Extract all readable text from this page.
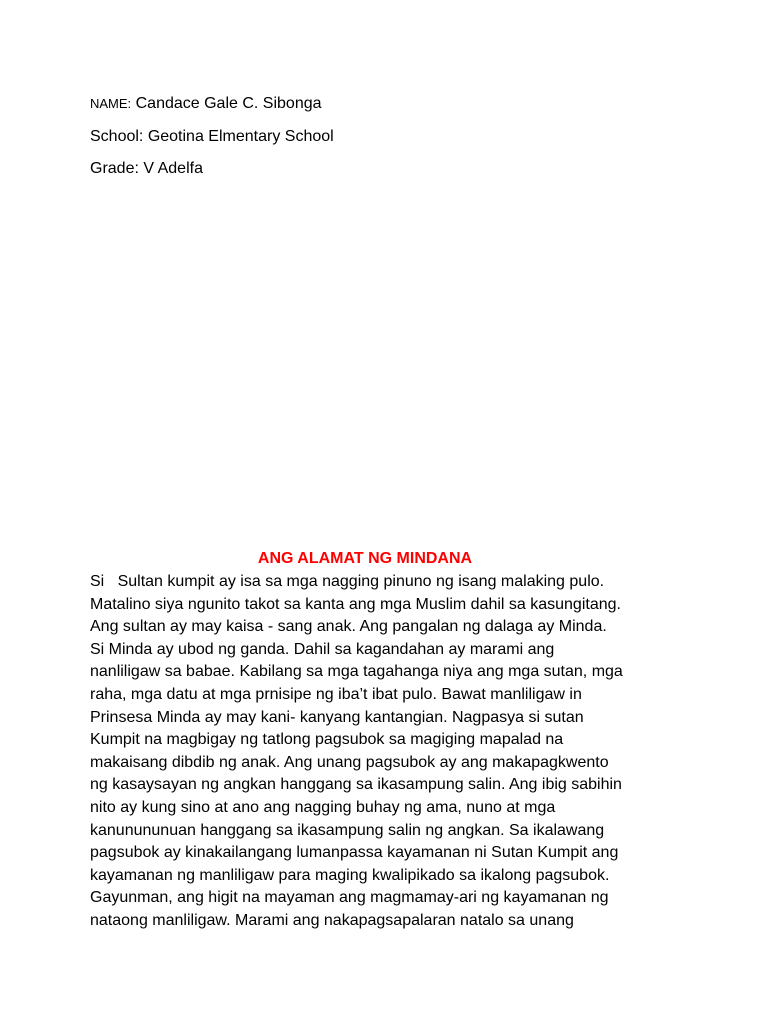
NAME: Candace Gale C. Sibonga
School: Geotina Elmentary School
Grade: V Adelfa
ANG ALAMAT NG MINDANA
Si   Sultan kumpit ay isa sa mga nagging pinuno ng isang malaking pulo.
Matalino siya ngunito takot sa kanta ang mga Muslim dahil sa kasungitang.
Ang sultan ay may kaisa - sang anak. Ang pangalan ng dalaga ay Minda.
Si Minda ay ubod ng ganda. Dahil sa kagandahan ay marami ang
nanliligaw sa babae. Kabilang sa mga tagahanga niya ang mga sutan, mga
raha, mga datu at mga prnisipe ng iba’t ibat pulo. Bawat manliligaw in
Prinsesa Minda ay may kani- kanyang kantangian. Nagpasya si sutan
Kumpit na magbigay ng tatlong pagsubok sa magiging mapalad na
makaisang dibdib ng anak. Ang unang pagsubok ay ang makapagkwento
ng kasaysayan ng angkan hanggang sa ikasampung salin. Ang ibig sabihin
nito ay kung sino at ano ang nagging buhay ng ama, nuno at mga
kanunununuan hanggang sa ikasampung salin ng angkan. Sa ikalawang
pagsubok ay kinakailangang lumanpassa kayamanan ni Sutan Kumpit ang
kayamanan ng manliligaw para maging kwalipikado sa ikalong pagsubok.
Gayunman, ang higit na mayaman ang magmamay-ari ng kayamanan ng
nataong manliligaw. Marami ang nakapagsapalaran natalo sa unang
